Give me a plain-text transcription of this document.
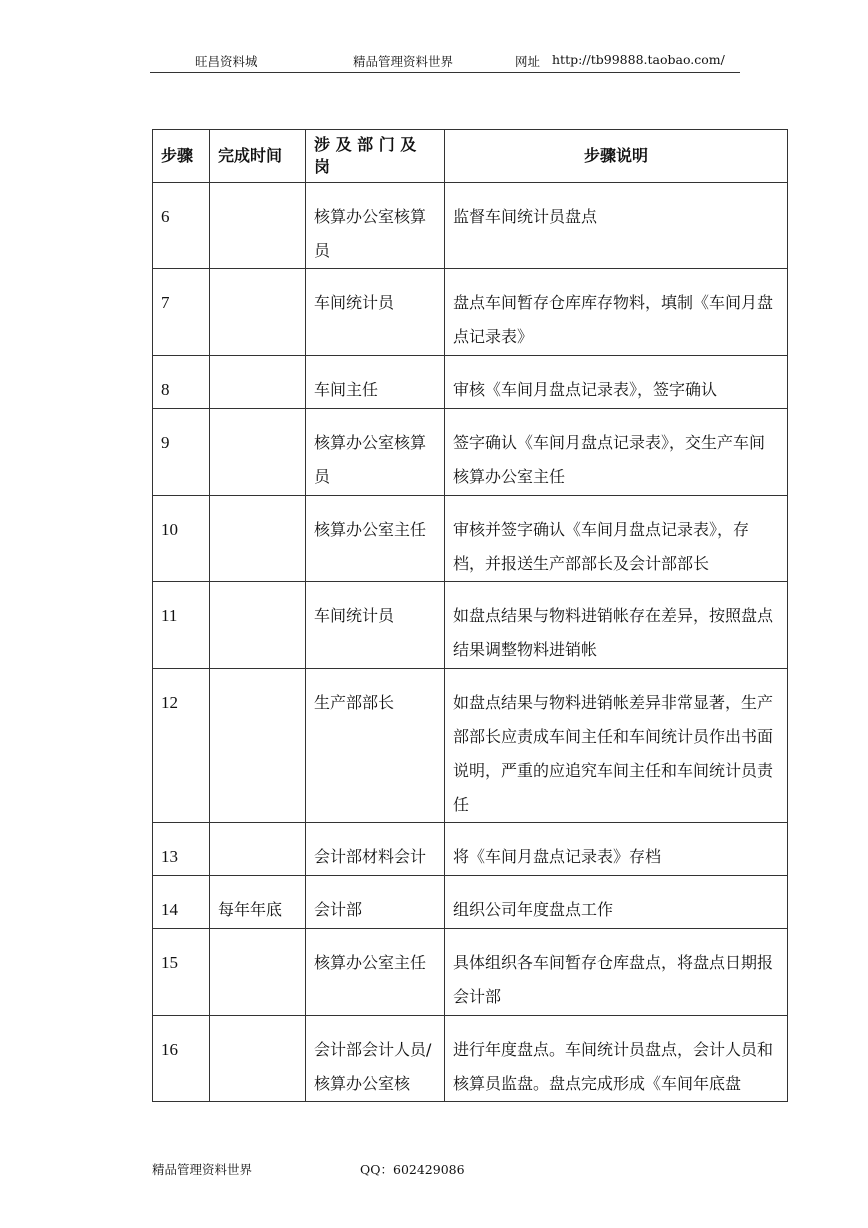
旺昌资料城	精品管理资料世界	网址 http://tb99888.taobao.com/
步骤	完成时间	涉 及 部 门 及 岗	步骤说明
6		核算办公室核算员	监督车间统计员盘点
7		车间统计员	盘点车间暂存仓库库存物料，填制《车间月盘点记录表》
8		车间主任	审核《车间月盘点记录表》，签字确认
9		核算办公室核算员	签字确认《车间月盘点记录表》，交生产车间核算办公室主任
10		核算办公室主任	审核并签字确认《车间月盘点记录表》，存档，并报送生产部部长及会计部部长
11		车间统计员	如盘点结果与物料进销帐存在差异，按照盘点结果调整物料进销帐
12		生产部部长	如盘点结果与物料进销帐差异非常显著，生产部部长应责成车间主任和车间统计员作出书面说明，严重的应追究车间主任和车间统计员责任
13		会计部材料会计	将《车间月盘点记录表》存档
14	每年年底	会计部	组织公司年度盘点工作
15		核算办公室主任	具体组织各车间暂存仓库盘点，将盘点日期报会计部
16		会计部会计人员/核算办公室核	进行年度盘点。车间统计员盘点，会计人员和核算员监盘。盘点完成形成《车间年底盘
精品管理资料世界	QQ：602429086
